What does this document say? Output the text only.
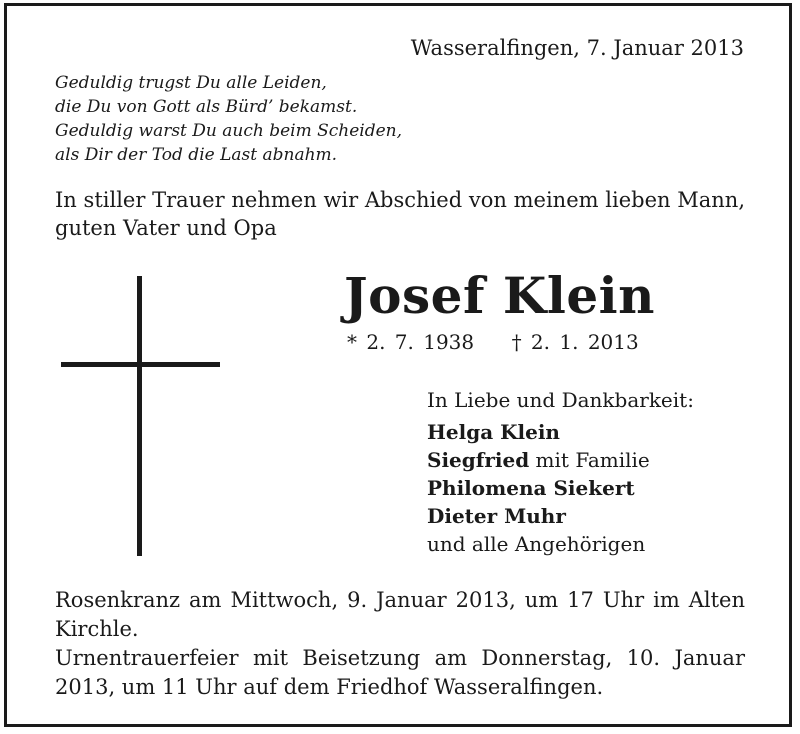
Wasseralfingen, 7. Januar 2013
Geduldig trugst Du alle Leiden,
die Du von Gott als Bürd’ bekamst.
Geduldig warst Du auch beim Scheiden,
als Dir der Tod die Last abnahm.
In stiller Trauer nehmen wir Abschied von meinem lieben Mann, guten Vater und Opa
Josef Klein
* 2. 7. 1938 † 2. 1. 2013
In Liebe und Dankbarkeit:
Helga Klein
Siegfried mit Familie
Philomena Siekert
Dieter Muhr
und alle Angehörigen

Rosenkranz am Mittwoch, 9. Januar 2013, um 17 Uhr im Alten Kirchle.

Urnentrauerfeier mit Beisetzung am Donnerstag, 10. Januar 2013, um 11 Uhr auf dem Friedhof Wasseralfingen.
